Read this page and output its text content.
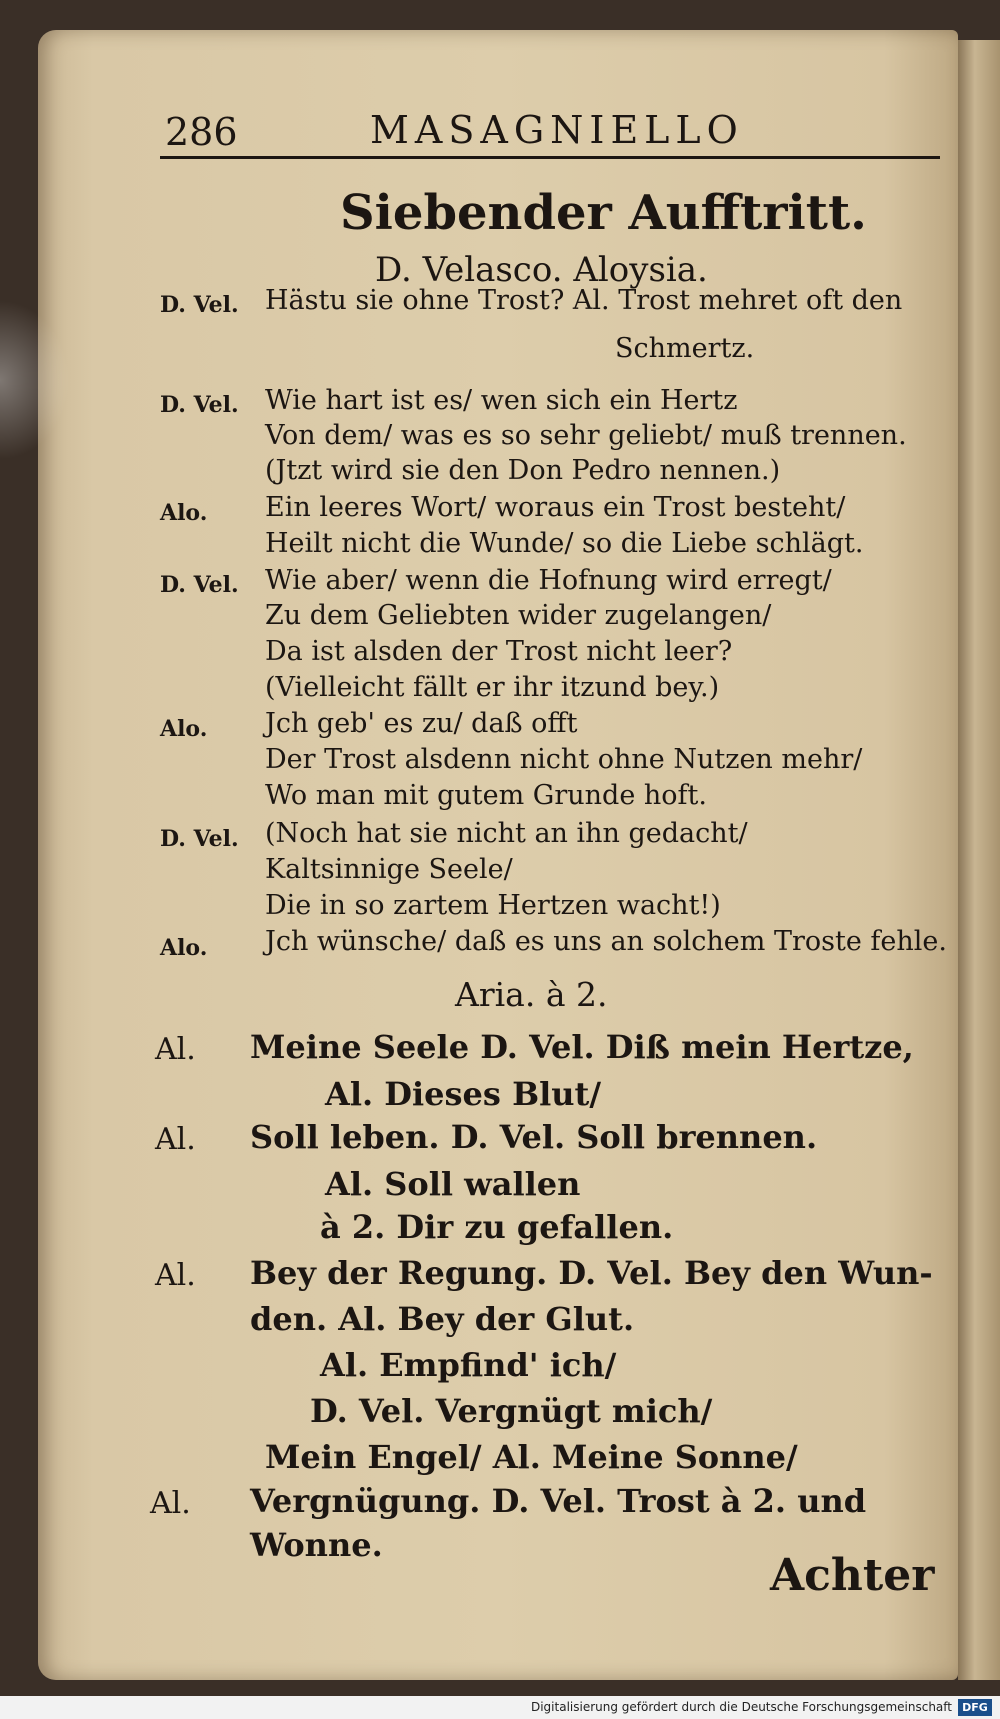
286	MASAGNIELLO
Siebender Aufftritt.
D. Velasco. Aloysia.
D. Vel. Hästu sie ohne Trost? Al. Trost mehret oft den
Schmertz.
D. Vel. Wie hart ist es/ wen sich ein Hertz
Von dem/ was es so sehr geliebt/ muß trennen.
(Jtzt wird sie den Don Pedro nennen.)
Alo. Ein leeres Wort/ woraus ein Trost besteht/
Heilt nicht die Wunde/ so die Liebe schlägt.
D. Vel. Wie aber/ wenn die Hofnung wird erregt/
Zu dem Geliebten wider zugelangen/
Da ist alsden der Trost nicht leer?
(Vielleicht fällt er ihr itzund bey.)
Alo. Jch geb' es zu/ daß offt
Der Trost alsdenn nicht ohne Nutzen mehr/
Wo man mit gutem Grunde hoft.
D. Vel. (Noch hat sie nicht an ihn gedacht/
Kaltsinnige Seele/
Die in so zartem Hertzen wacht!)
Alo. Jch wünsche/ daß es uns an solchem Troste fehle.
Aria. à 2.
Al. Meine Seele D. Vel. Diß mein Hertze,
Al. Dieses Blut/
Al. Soll leben. D. Vel. Soll brennen.
Al. Soll wallen
à 2. Dir zu gefallen.
Al. Bey der Regung. D. Vel. Bey den Wun-
den. Al. Bey der Glut.
Al. Empfind' ich/
D. Vel. Vergnügt mich/
Mein Engel/ Al. Meine Sonne/
Al. Vergnügung. D. Vel. Trost à 2. und
Wonne.
Achter
Digitalisierung gefördert durch die Deutsche Forschungsgemeinschaft DFG
